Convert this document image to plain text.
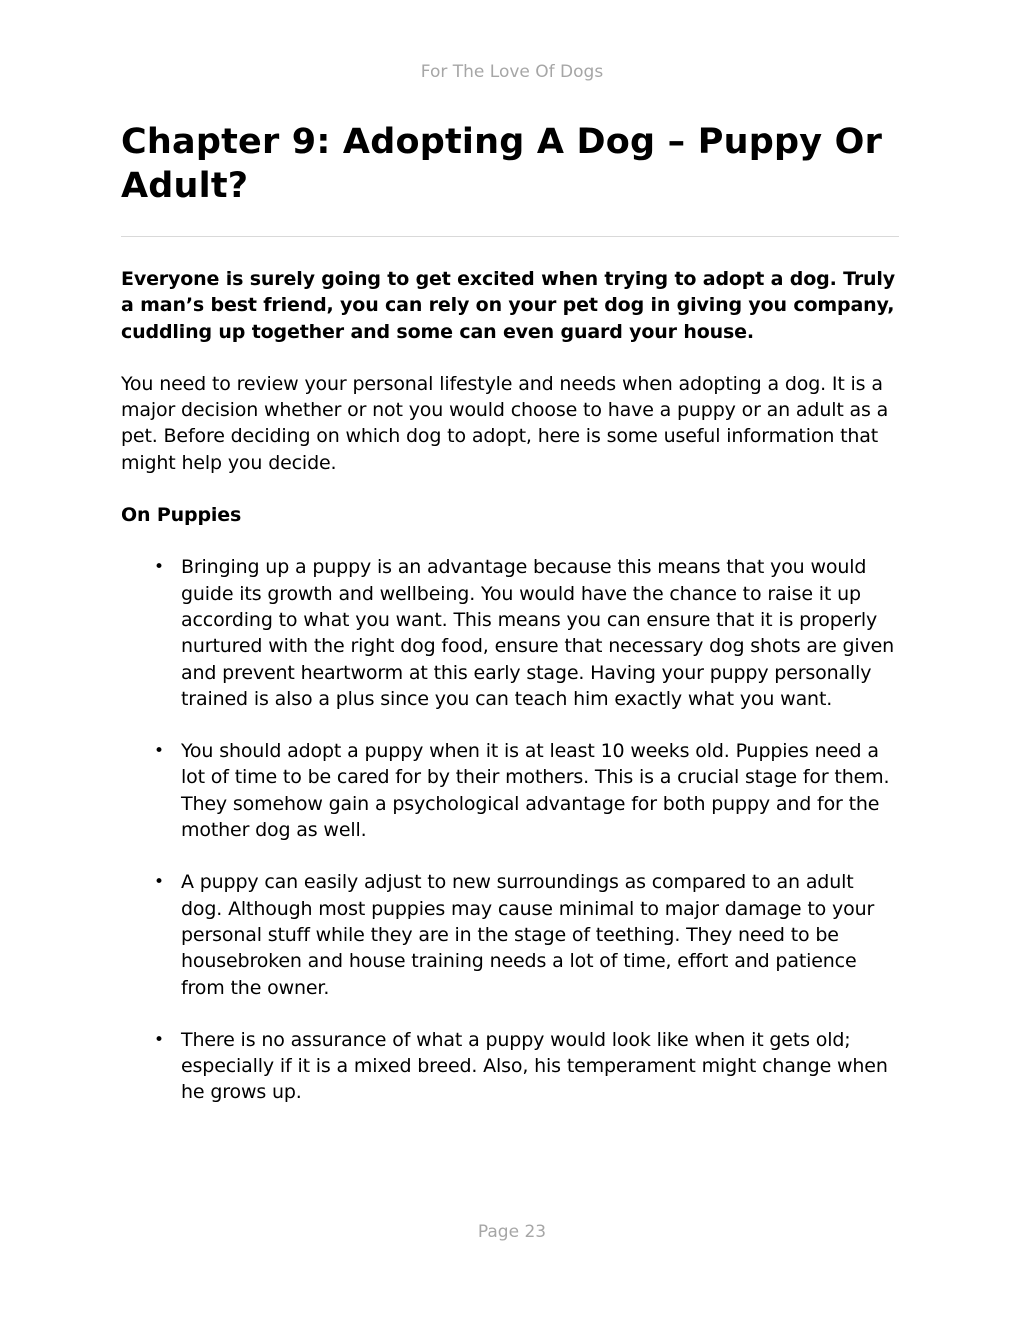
For The Love Of Dogs
Chapter 9: Adopting A Dog – Puppy Or Adult?

Everyone is surely going to get excited when trying to adopt a dog. Truly a man’s best friend, you can rely on your pet dog in giving you company, cuddling up together and some can even guard your house.

You need to review your personal lifestyle and needs when adopting a dog. It is a major decision whether or not you would choose to have a puppy or an adult as a pet. Before deciding on which dog to adopt, here is some useful information that might help you decide.

On Puppies

• Bringing up a puppy is an advantage because this means that you would guide its growth and wellbeing. You would have the chance to raise it up according to what you want. This means you can ensure that it is properly nurtured with the right dog food, ensure that necessary dog shots are given and prevent heartworm at this early stage. Having your puppy personally trained is also a plus since you can teach him exactly what you want.
• You should adopt a puppy when it is at least 10 weeks old. Puppies need a lot of time to be cared for by their mothers. This is a crucial stage for them. They somehow gain a psychological advantage for both puppy and for the mother dog as well.
• A puppy can easily adjust to new surroundings as compared to an adult dog. Although most puppies may cause minimal to major damage to your personal stuff while they are in the stage of teething. They need to be housebroken and house training needs a lot of time, effort and patience from the owner.
• There is no assurance of what a puppy would look like when it gets old; especially if it is a mixed breed. Also, his temperament might change when he grows up.
Page 23
